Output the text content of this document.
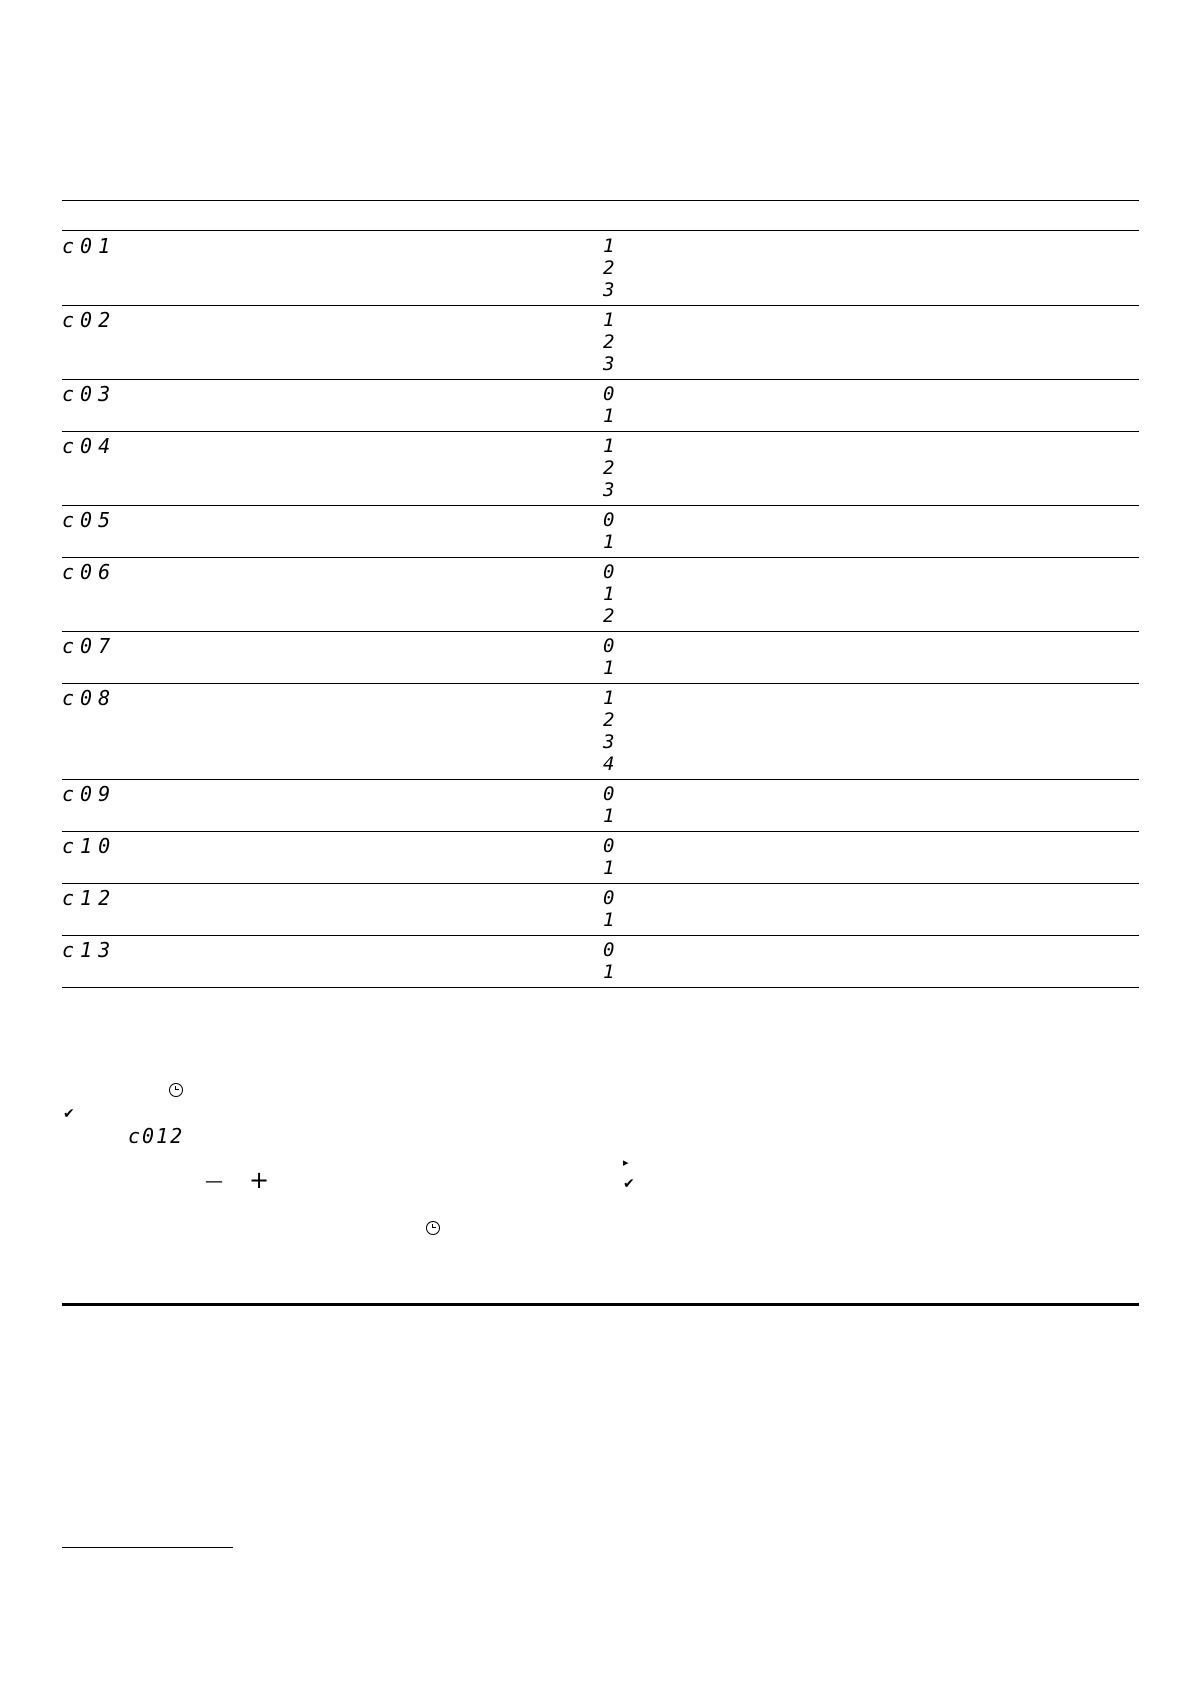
c01	1
2
3
c02	1
2
3
c03	0
1
c04	1
2
3
c05	0
1
c06	0
1
2
c07	0
1
c08	1
2
3
4
c09	0
1
c10	0
1
c12	0
1
c13	0
1
✔
c012
▸
— +	✔
